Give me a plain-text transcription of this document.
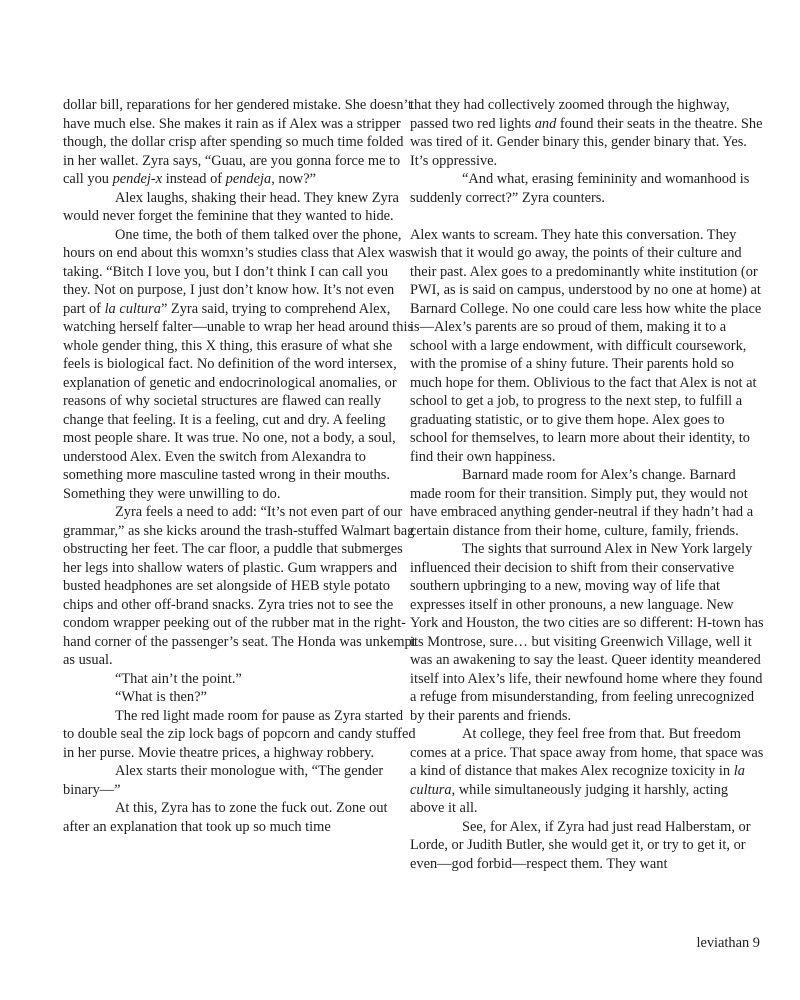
dollar bill, reparations for her gendered mistake. She doesn’t have much else. She makes it rain as if Alex was a stripper though, the dollar crisp after spending so much time folded in her wallet. Zyra says, “Guau, are you gonna force me to call you pendej-x instead of pendeja, now?”

Alex laughs, shaking their head. They knew Zyra would never forget the feminine that they wanted to hide.

One time, the both of them talked over the phone, hours on end about this womxn’s studies class that Alex was taking. “Bitch I love you, but I don’t think I can call you they. Not on purpose, I just don’t know how. It’s not even part of la cultura” Zyra said, trying to comprehend Alex, watching herself falter—unable to wrap her head around this whole gender thing, this X thing, this erasure of what she feels is biological fact. No definition of the word intersex, explanation of genetic and endocrinological anomalies, or reasons of why societal structures are flawed can really change that feeling. It is a feeling, cut and dry. A feeling most people share. It was true. No one, not a body, a soul, understood Alex. Even the switch from Alexandra to something more masculine tasted wrong in their mouths. Something they were unwilling to do.

Zyra feels a need to add: “It’s not even part of our grammar,” as she kicks around the trash-stuffed Walmart bag obstructing her feet. The car floor, a puddle that submerges her legs into shallow waters of plastic. Gum wrappers and busted headphones are set alongside of HEB style potato chips and other off-brand snacks. Zyra tries not to see the condom wrapper peeking out of the rubber mat in the right-hand corner of the passenger’s seat. The Honda was unkempt as usual.

“That ain’t the point.”

“What is then?”

The red light made room for pause as Zyra started to double seal the zip lock bags of popcorn and candy stuffed in her purse. Movie theatre prices, a highway robbery.

Alex starts their monologue with, “The gender binary—”

At this, Zyra has to zone the fuck out. Zone out after an explanation that took up so much time

that they had collectively zoomed through the highway, passed two red lights and found their seats in the theatre. She was tired of it. Gender binary this, gender binary that. Yes. It’s oppressive.

“And what, erasing femininity and womanhood is suddenly correct?” Zyra counters.

Alex wants to scream. They hate this conversation. They wish that it would go away, the points of their culture and their past. Alex goes to a predominantly white institution (or PWI, as is said on campus, understood by no one at home) at Barnard College. No one could care less how white the place is—Alex’s parents are so proud of them, making it to a school with a large endowment, with difficult coursework, with the promise of a shiny future. Their parents hold so much hope for them. Oblivious to the fact that Alex is not at school to get a job, to progress to the next step, to fulfill a graduating statistic, or to give them hope. Alex goes to school for themselves, to learn more about their identity, to find their own happiness.

Barnard made room for Alex’s change. Barnard made room for their transition. Simply put, they would not have embraced anything gender-neutral if they hadn’t had a certain distance from their home, culture, family, friends.

The sights that surround Alex in New York largely influenced their decision to shift from their conservative southern upbringing to a new, moving way of life that expresses itself in other pronouns, a new language. New York and Houston, the two cities are so different: H-town has its Montrose, sure… but visiting Greenwich Village, well it was an awakening to say the least. Queer identity meandered itself into Alex’s life, their newfound home where they found a refuge from misunderstanding, from feeling unrecognized by their parents and friends.

At college, they feel free from that. But freedom comes at a price. That space away from home, that space was a kind of distance that makes Alex recognize toxicity in la cultura, while simultaneously judging it harshly, acting above it all.

See, for Alex, if Zyra had just read Halberstam, or Lorde, or Judith Butler, she would get it, or try to get it, or even—god forbid—respect them. They want

leviathan 9
